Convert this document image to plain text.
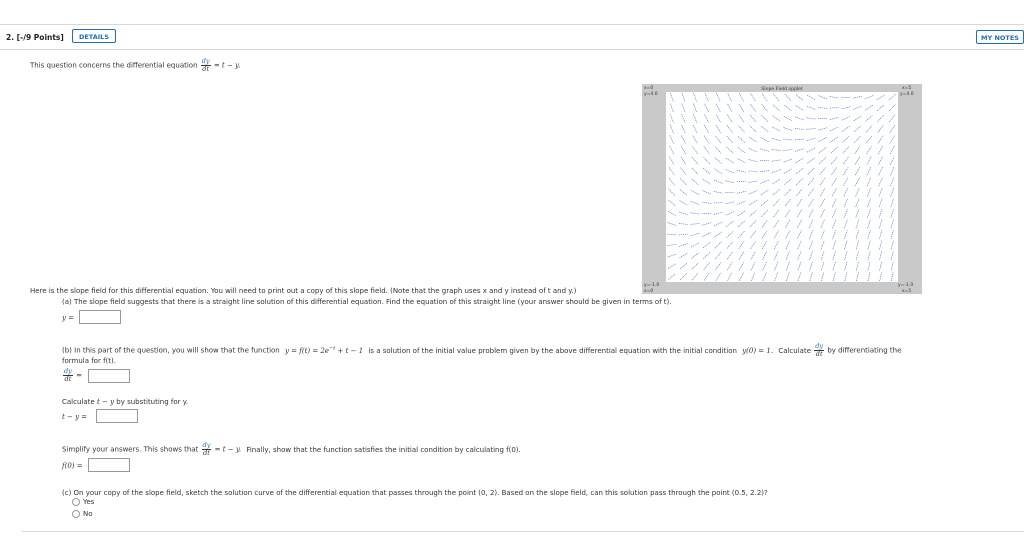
2. [-/9 Points]	DETAILS	MY NOTES
This question concerns the differential equation $\frac{dy}{dt} = t - y$.
Slope Field applet
x=0
y=4.0
x=5
y=4.0
y=-1.0
x=0
y=-1.0
x=5
Here is the slope field for this differential equation. You will need to print out a copy of this slope field. (Note that the graph uses x and y instead of t and y.)
(a) The slope field suggests that there is a straight line solution of this differential equation. Find the equation of this straight line (your answer should be given in terms of t).
y =
(b) In this part of the question, you will show that the function $y = f(t) = 2e^{-t} + t - 1$ is a solution of the initial value problem given by the above differential equation with the initial condition y(0) = 1. Calculate $\frac{dy}{dt}$ by differentiating the
formula for f(t).
$\frac{dy}{dt}$ =
Calculate t − y by substituting for y.
t − y =
Simplify your answers. This shows that $\frac{dy}{dt} = t - y$. Finally, show that the function satisfies the initial condition by calculating f(0).
f(0) =
(c) On your copy of the slope field, sketch the solution curve of the differential equation that passes through the point (0, 2). Based on the slope field, can this solution pass through the point (0.5, 2.2)?
Yes
No
